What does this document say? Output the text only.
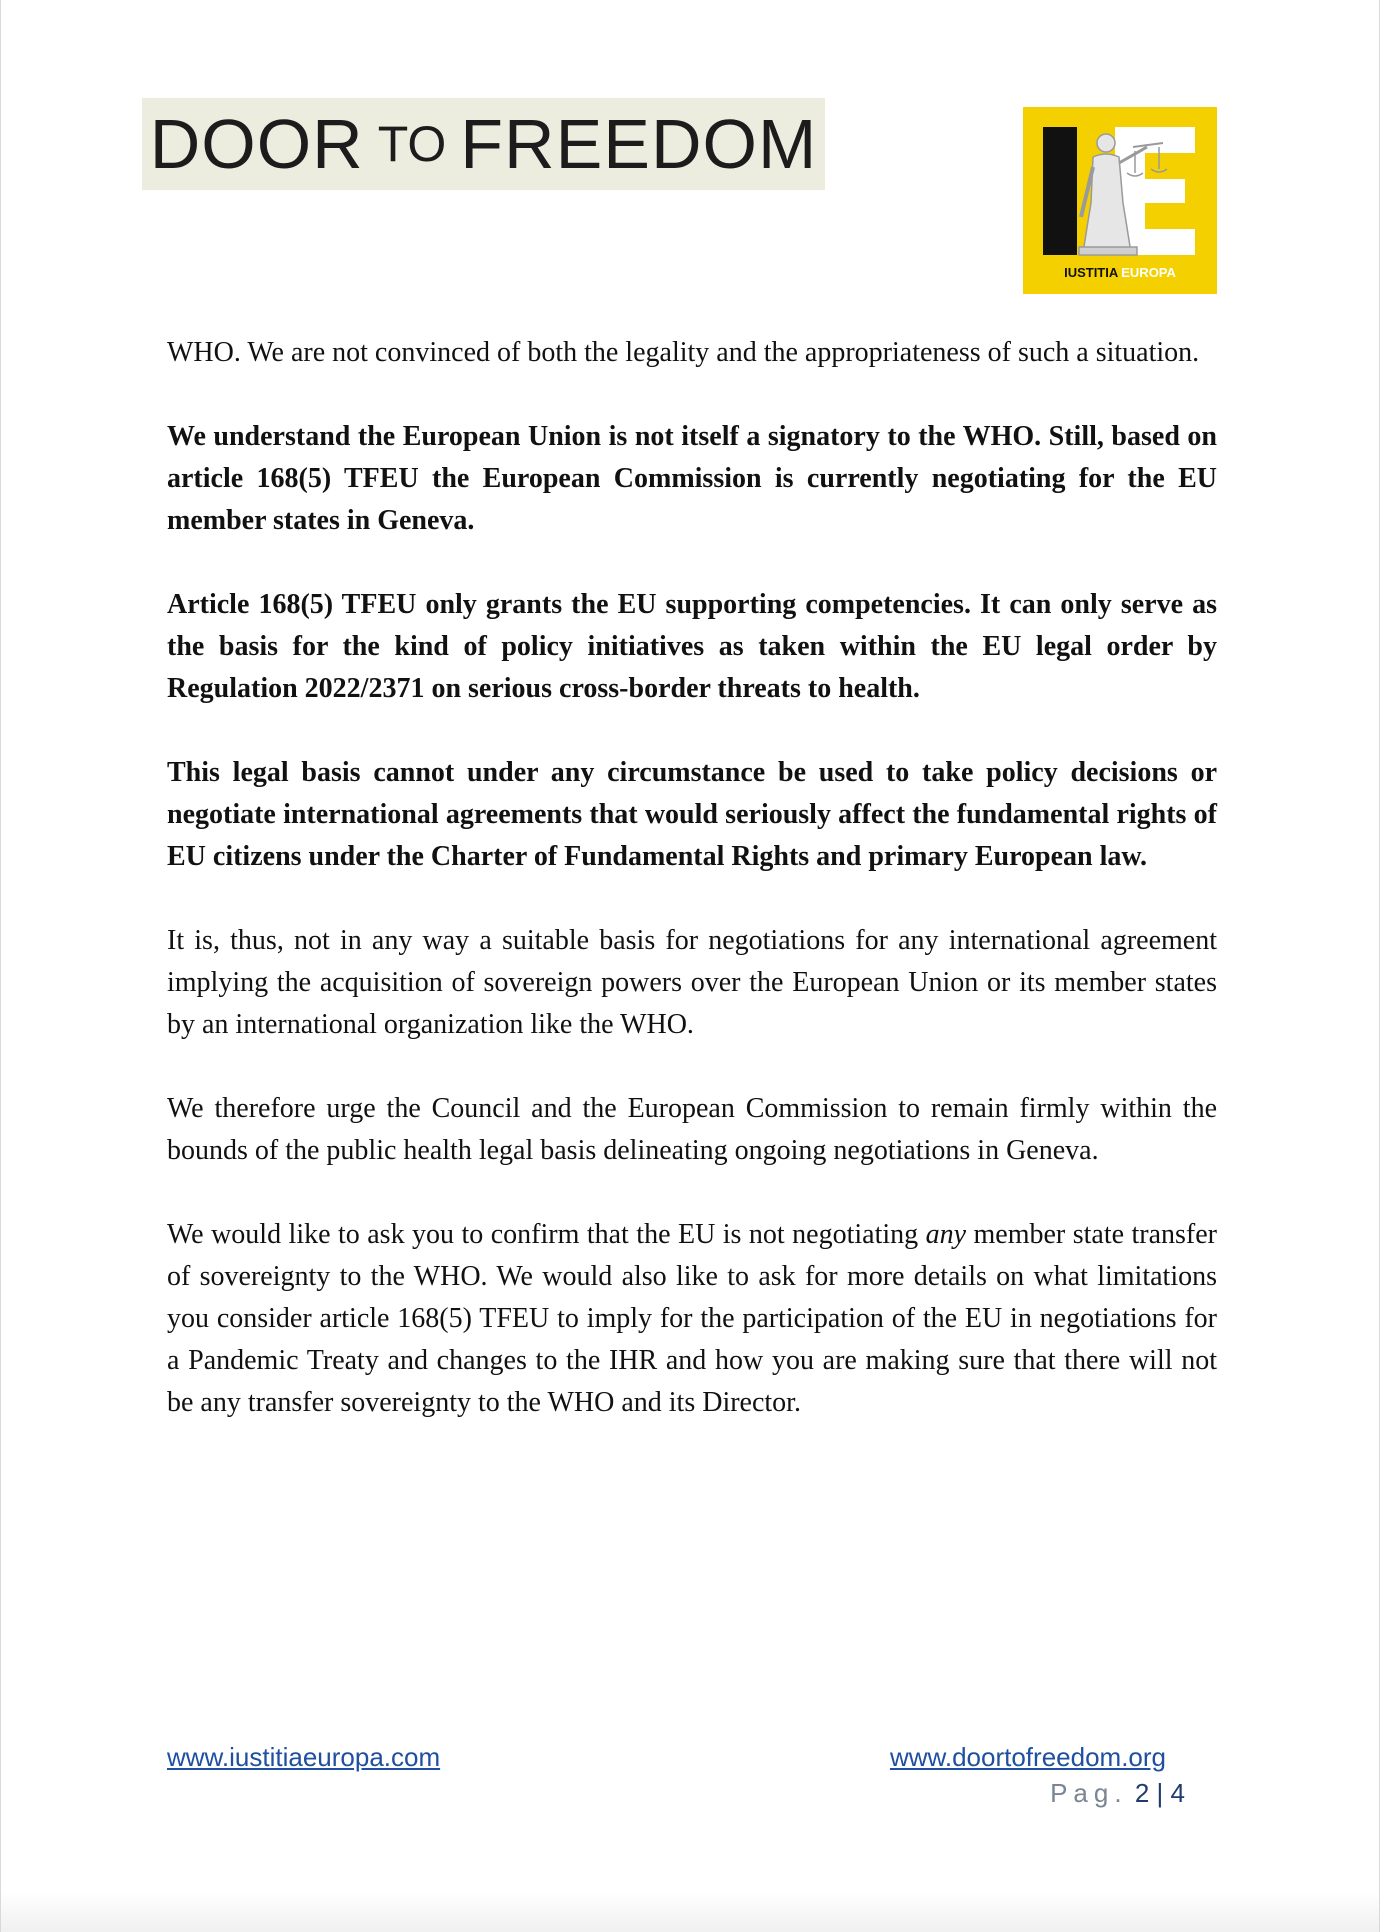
DOOR TO FREEDOM
IUSTITIA EUROPA

WHO. We are not convinced of both the legality and the appropriateness of such a situation.

We understand the European Union is not itself a signatory to the WHO. Still, based on article 168(5) TFEU the European Commission is currently negotiating for the EU member states in Geneva.

Article 168(5) TFEU only grants the EU supporting competencies. It can only serve as the basis for the kind of policy initiatives as taken within the EU legal order by Regulation 2022/2371 on serious cross-border threats to health.

This legal basis cannot under any circumstance be used to take policy decisions or negotiate international agreements that would seriously affect the fundamental rights of EU citizens under the Charter of Fundamental Rights and primary European law.

It is, thus, not in any way a suitable basis for negotiations for any international agreement implying the acquisition of sovereign powers over the European Union or its member states by an international organization like the WHO.

We therefore urge the Council and the European Commission to remain firmly within the bounds of the public health legal basis delineating ongoing negotiations in Geneva.

We would like to ask you to confirm that the EU is not negotiating any member state transfer of sovereignty to the WHO. We would also like to ask for more details on what limitations you consider article 168(5) TFEU to imply for the participation of the EU in negotiations for a Pandemic Treaty and changes to the IHR and how you are making sure that there will not be any transfer sovereignty to the WHO and its Director.

www.iustitiaeuropa.com	www.doortofreedom.org
Pag. 2 | 4
